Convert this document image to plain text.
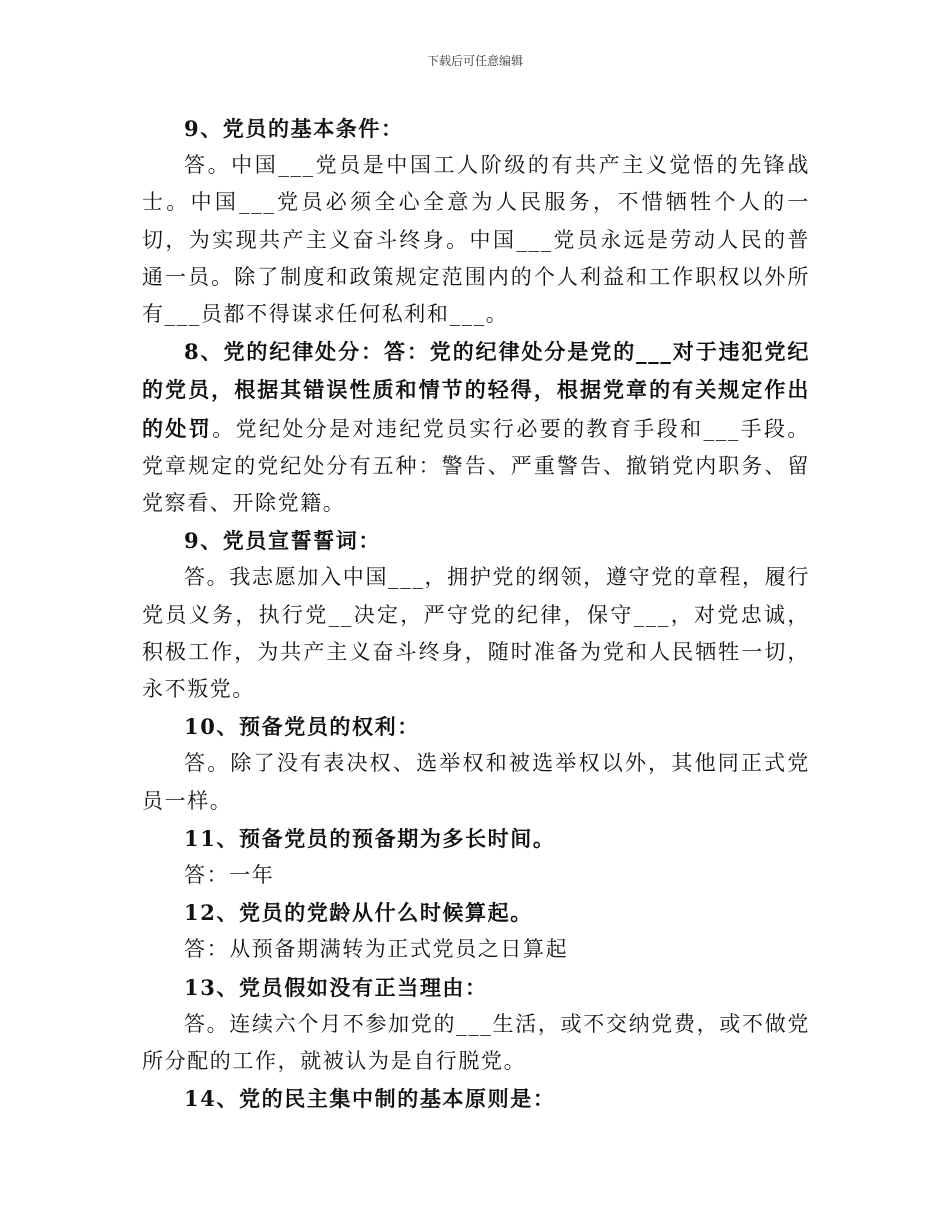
下载后可任意编辑

9、党员的基本条件：

答。中国___党员是中国工人阶级的有共产主义觉悟的先锋战士。中国___党员必须全心全意为人民服务，不惜牺牲个人的一切，为实现共产主义奋斗终身。中国___党员永远是劳动人民的普通一员。除了制度和政策规定范围内的个人利益和工作职权以外所有___员都不得谋求任何私利和___。

8、党的纪律处分：答：党的纪律处分是党的___对于违犯党纪的党员，根据其错误性质和情节的轻得，根据党章的有关规定作出的处罚。党纪处分是对违纪党员实行必要的教育手段和___手段。党章规定的党纪处分有五种：警告、严重警告、撤销党内职务、留党察看、开除党籍。

9、党员宣誓誓词：

答。我志愿加入中国___，拥护党的纲领，遵守党的章程，履行党员义务，执行党__决定，严守党的纪律，保守___，对党忠诚，积极工作，为共产主义奋斗终身，随时准备为党和人民牺牲一切，永不叛党。

10、预备党员的权利：

答。除了没有表决权、选举权和被选举权以外，其他同正式党员一样。

11、预备党员的预备期为多长时间。

答：一年

12、党员的党龄从什么时候算起。

答：从预备期满转为正式党员之日算起

13、党员假如没有正当理由：

答。连续六个月不参加党的___生活，或不交纳党费，或不做党所分配的工作，就被认为是自行脱党。

14、党的民主集中制的基本原则是：
